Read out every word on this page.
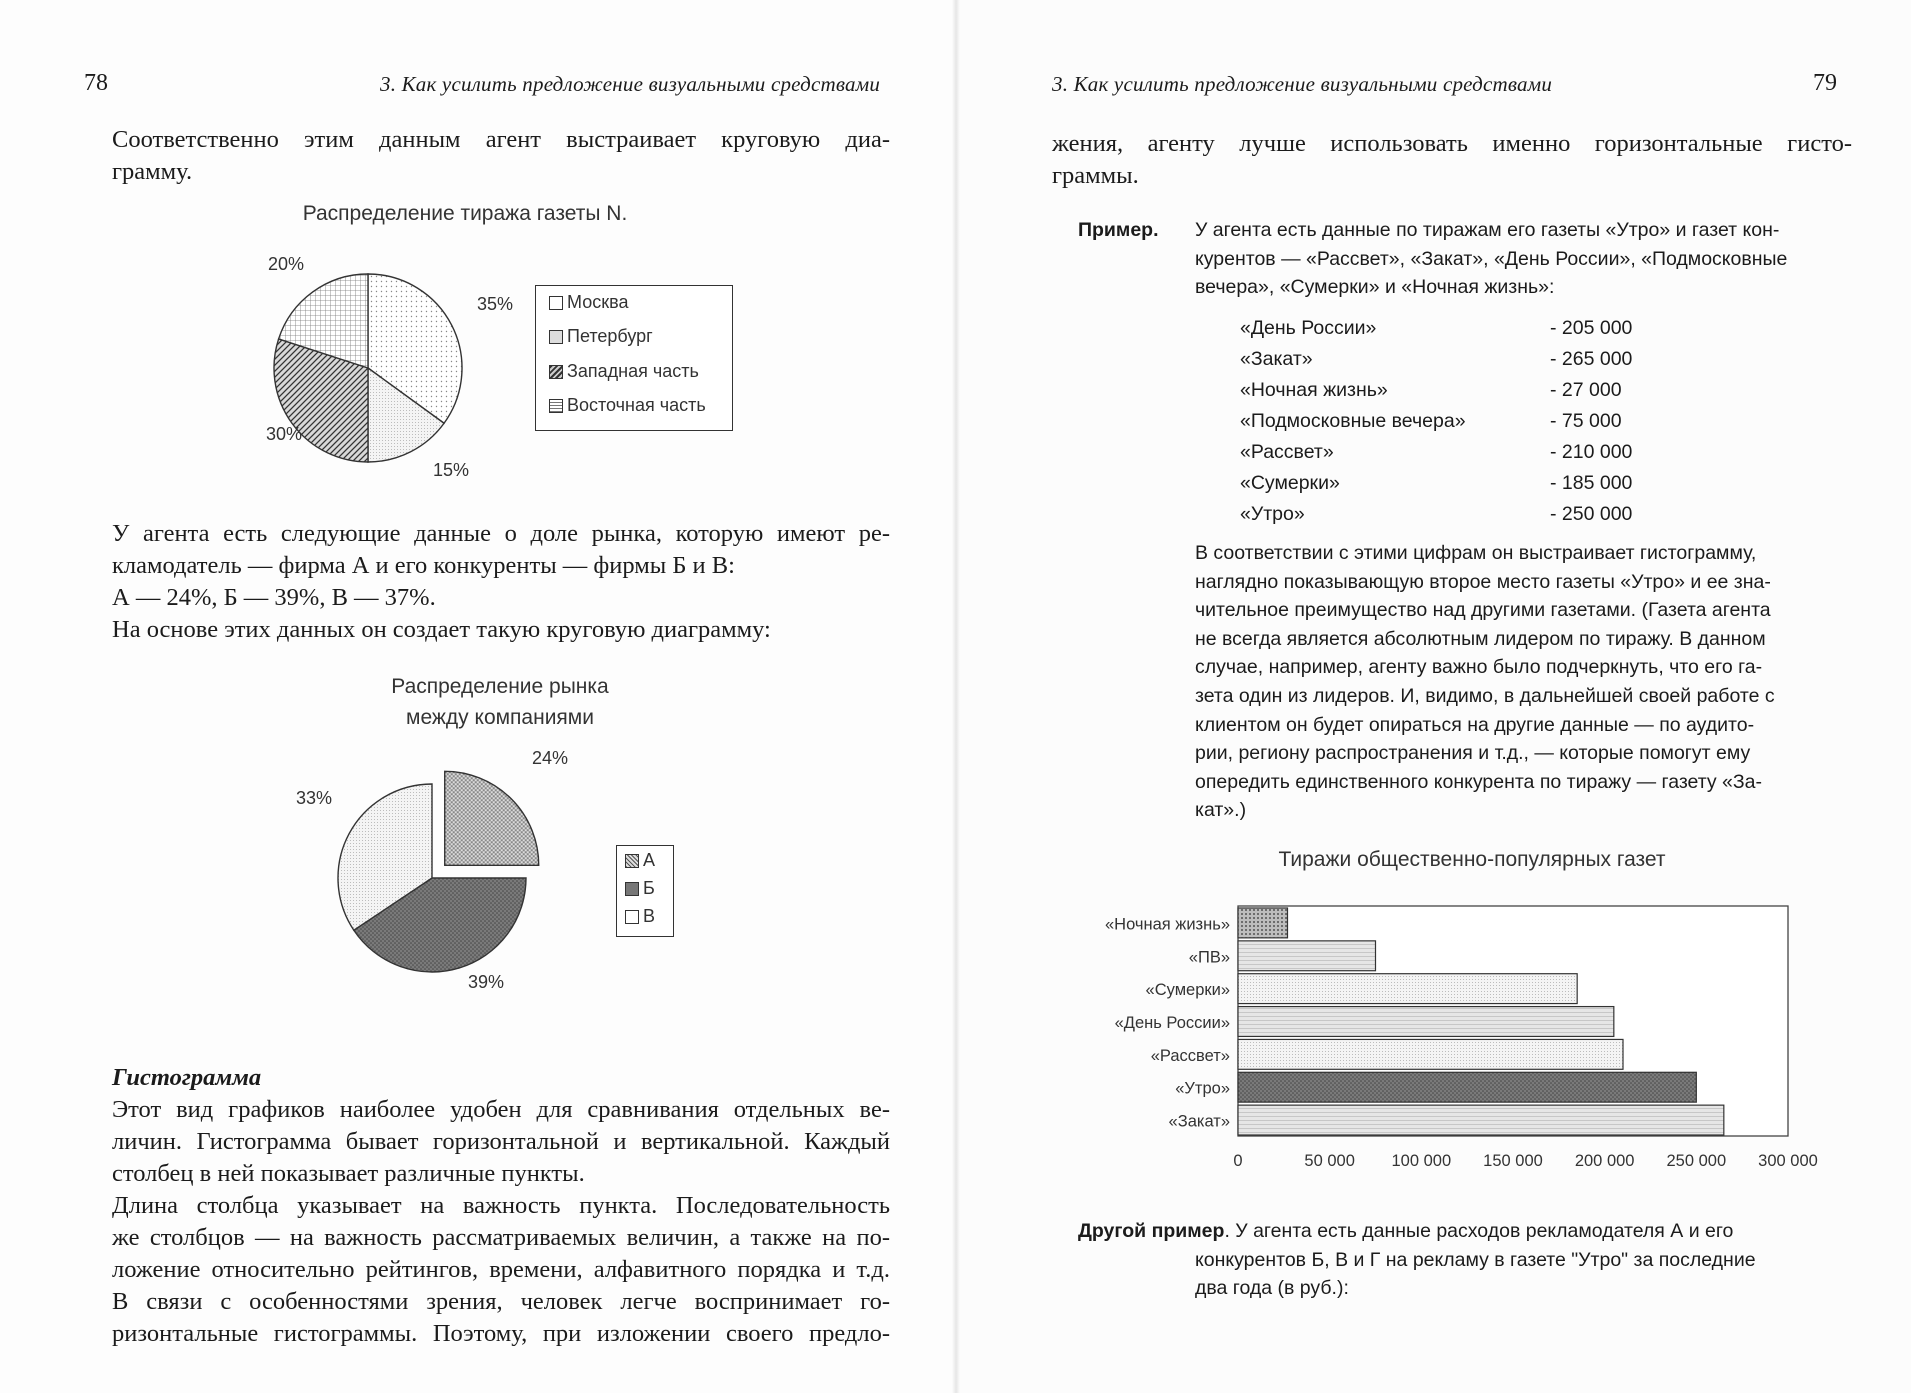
78	3. Как усилить предложение визуальными средствами
Соответственно этим данным агент выстраивает круговую диа-
грамму.
Распределение тиража газеты N.
35%
15%
30%
20%
Москва
Петербург
Западная часть
Восточная часть
У агента есть следующие данные о доле рынка, которую имеют ре-
кламодатель — фирма А и его конкуренты — фирмы Б и В:
А — 24%, Б — 39%, В — 37%.
На основе этих данных он создает такую круговую диаграмму:
Распределение рынка
между компаниями
24%
39%
33%
А
Б
В
Гистограмма
Этот вид графиков наиболее удобен для сравнивания отдельных ве-
личин. Гистограмма бывает горизонтальной и вертикальной. Каждый
столбец в ней показывает различные пункты.
Длина столбца указывает на важность пункта. Последовательность
же столбцов — на важность рассматриваемых величин, а также на по-
ложение относительно рейтингов, времени, алфавитного порядка и т.д.
В связи с особенностями зрения, человек легче воспринимает го-
ризонтальные гистограммы. Поэтому, при изложении своего предло-
3. Как усилить предложение визуальными средствами	79
жения, агенту лучше использовать именно горизонтальные гисто-
граммы.
Пример. У агента есть данные по тиражам его газеты «Утро» и газет кон-
курентов — «Рассвет», «Закат», «День России», «Подмосковные
вечера», «Сумерки» и «Ночная жизнь»:
«День России»	- 205 000
«Закат»	- 265 000
«Ночная жизнь»	- 27 000
«Подмосковные вечера»	- 75 000
«Рассвет»	- 210 000
«Сумерки»	- 185 000
«Утро»	- 250 000
В соответствии с этими цифрам он выстраивает гистограмму,
наглядно показывающую второе место газеты «Утро» и ее зна-
чительное преимущество над другими газетами. (Газета агента
не всегда является абсолютным лидером по тиражу. В данном
случае, например, агенту важно было подчеркнуть, что его га-
зета один из лидеров. И, видимо, в дальнейшей своей работе с
клиентом он будет опираться на другие данные — по аудито-
рии, региону распространения и т.д., — которые помогут ему
опередить единственного конкурента по тиражу — газету «За-
кат».)
Тиражи общественно-популярных газет
«Ночная жизнь»
«ПВ»
«Сумерки»
«День России»
«Рассвет»
«Утро»
«Закат»
0	50 000 100 000 150 000 200 000 250 000 300 000
Другой пример. У агента есть данные расходов рекламодателя А и его
конкурентов Б, В и Г на рекламу в газете "Утро" за последние
два года (в руб.):
